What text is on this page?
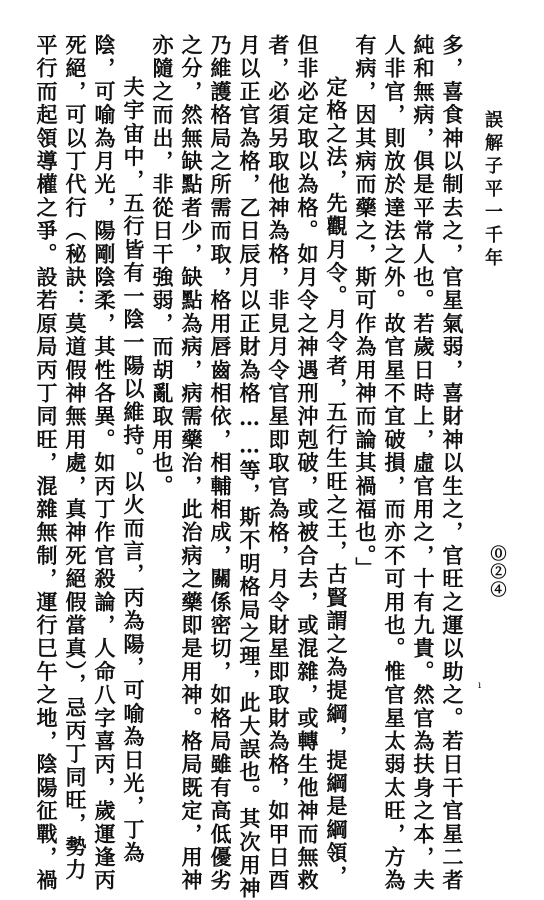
誤解子平一千年
⓪②④
多，喜食神以制去之，官星氣弱，喜財神以生之，官旺之運以助之。若日干官星二者
純和無病，俱是平常人也。若歲日時上，虛官用之，十有九貴。然官為扶身之本，夫
人非官，則放於達法之外。故官星不宜破損，而亦不可用也。惟官星太弱太旺，方為
有病，因其病而藥之，斯可作為用神而論其禍福也。」
定格之法，先觀月令。月令者，五行生旺之王，古賢謂之為提綱，提綱是綱領，
但非必定取以為格。如月令之神遇刑沖剋破，或被合去，或混雜，或轉生他神而無救
者，必須另取他神為格，非見月令官星即取官為格，月令財星即取財為格，如甲日酉
月以正官為格，乙日辰月以正財為格……等，斯不明格局之理，此大誤也。其次用神
乃維護格局之所需而取，格用唇齒相依，相輔相成，關係密切，如格局雖有高低優劣
之分，然無缺點者少，缺點為病，病需藥治，此治病之藥即是用神。格局既定，用神
亦隨之而出，非從日干強弱，而胡亂取用也。
夫宇宙中，五行皆有一陰一陽以維持。以火而言，丙為陽，可喻為日光，丁為
陰，可喻為月光，陽剛陰柔，其性各異。如丙丁作官殺論，人命八字喜丙，歲運逢丙
死絕，可以丁代行（秘訣：莫道假神無用處，真神死絕假當真），忌丙丁同旺，勢力
平行而起領導權之爭。設若原局丙丁同旺，混雜無制，運行巳午之地，陰陽征戰，禍	ı
